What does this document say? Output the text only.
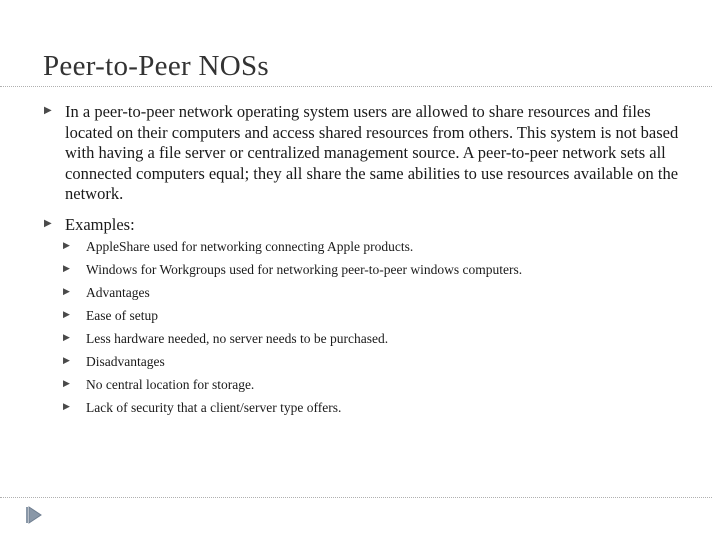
Peer-to-Peer NOSs
▶ In a peer-to-peer network operating system users are allowed to share resources and files located on their computers and access shared resources from others. This system is not based with having a file server or centralized management source. A peer-to-peer network sets all connected computers equal; they all share the same abilities to use resources available on the network.
▶ Examples:
▶ AppleShare used for networking connecting Apple products.
▶ Windows for Workgroups used for networking peer-to-peer windows computers.
▶ Advantages
▶ Ease of setup
▶ Less hardware needed, no server needs to be purchased.
▶ Disadvantages
▶ No central location for storage.
▶ Lack of security that a client/server type offers.
